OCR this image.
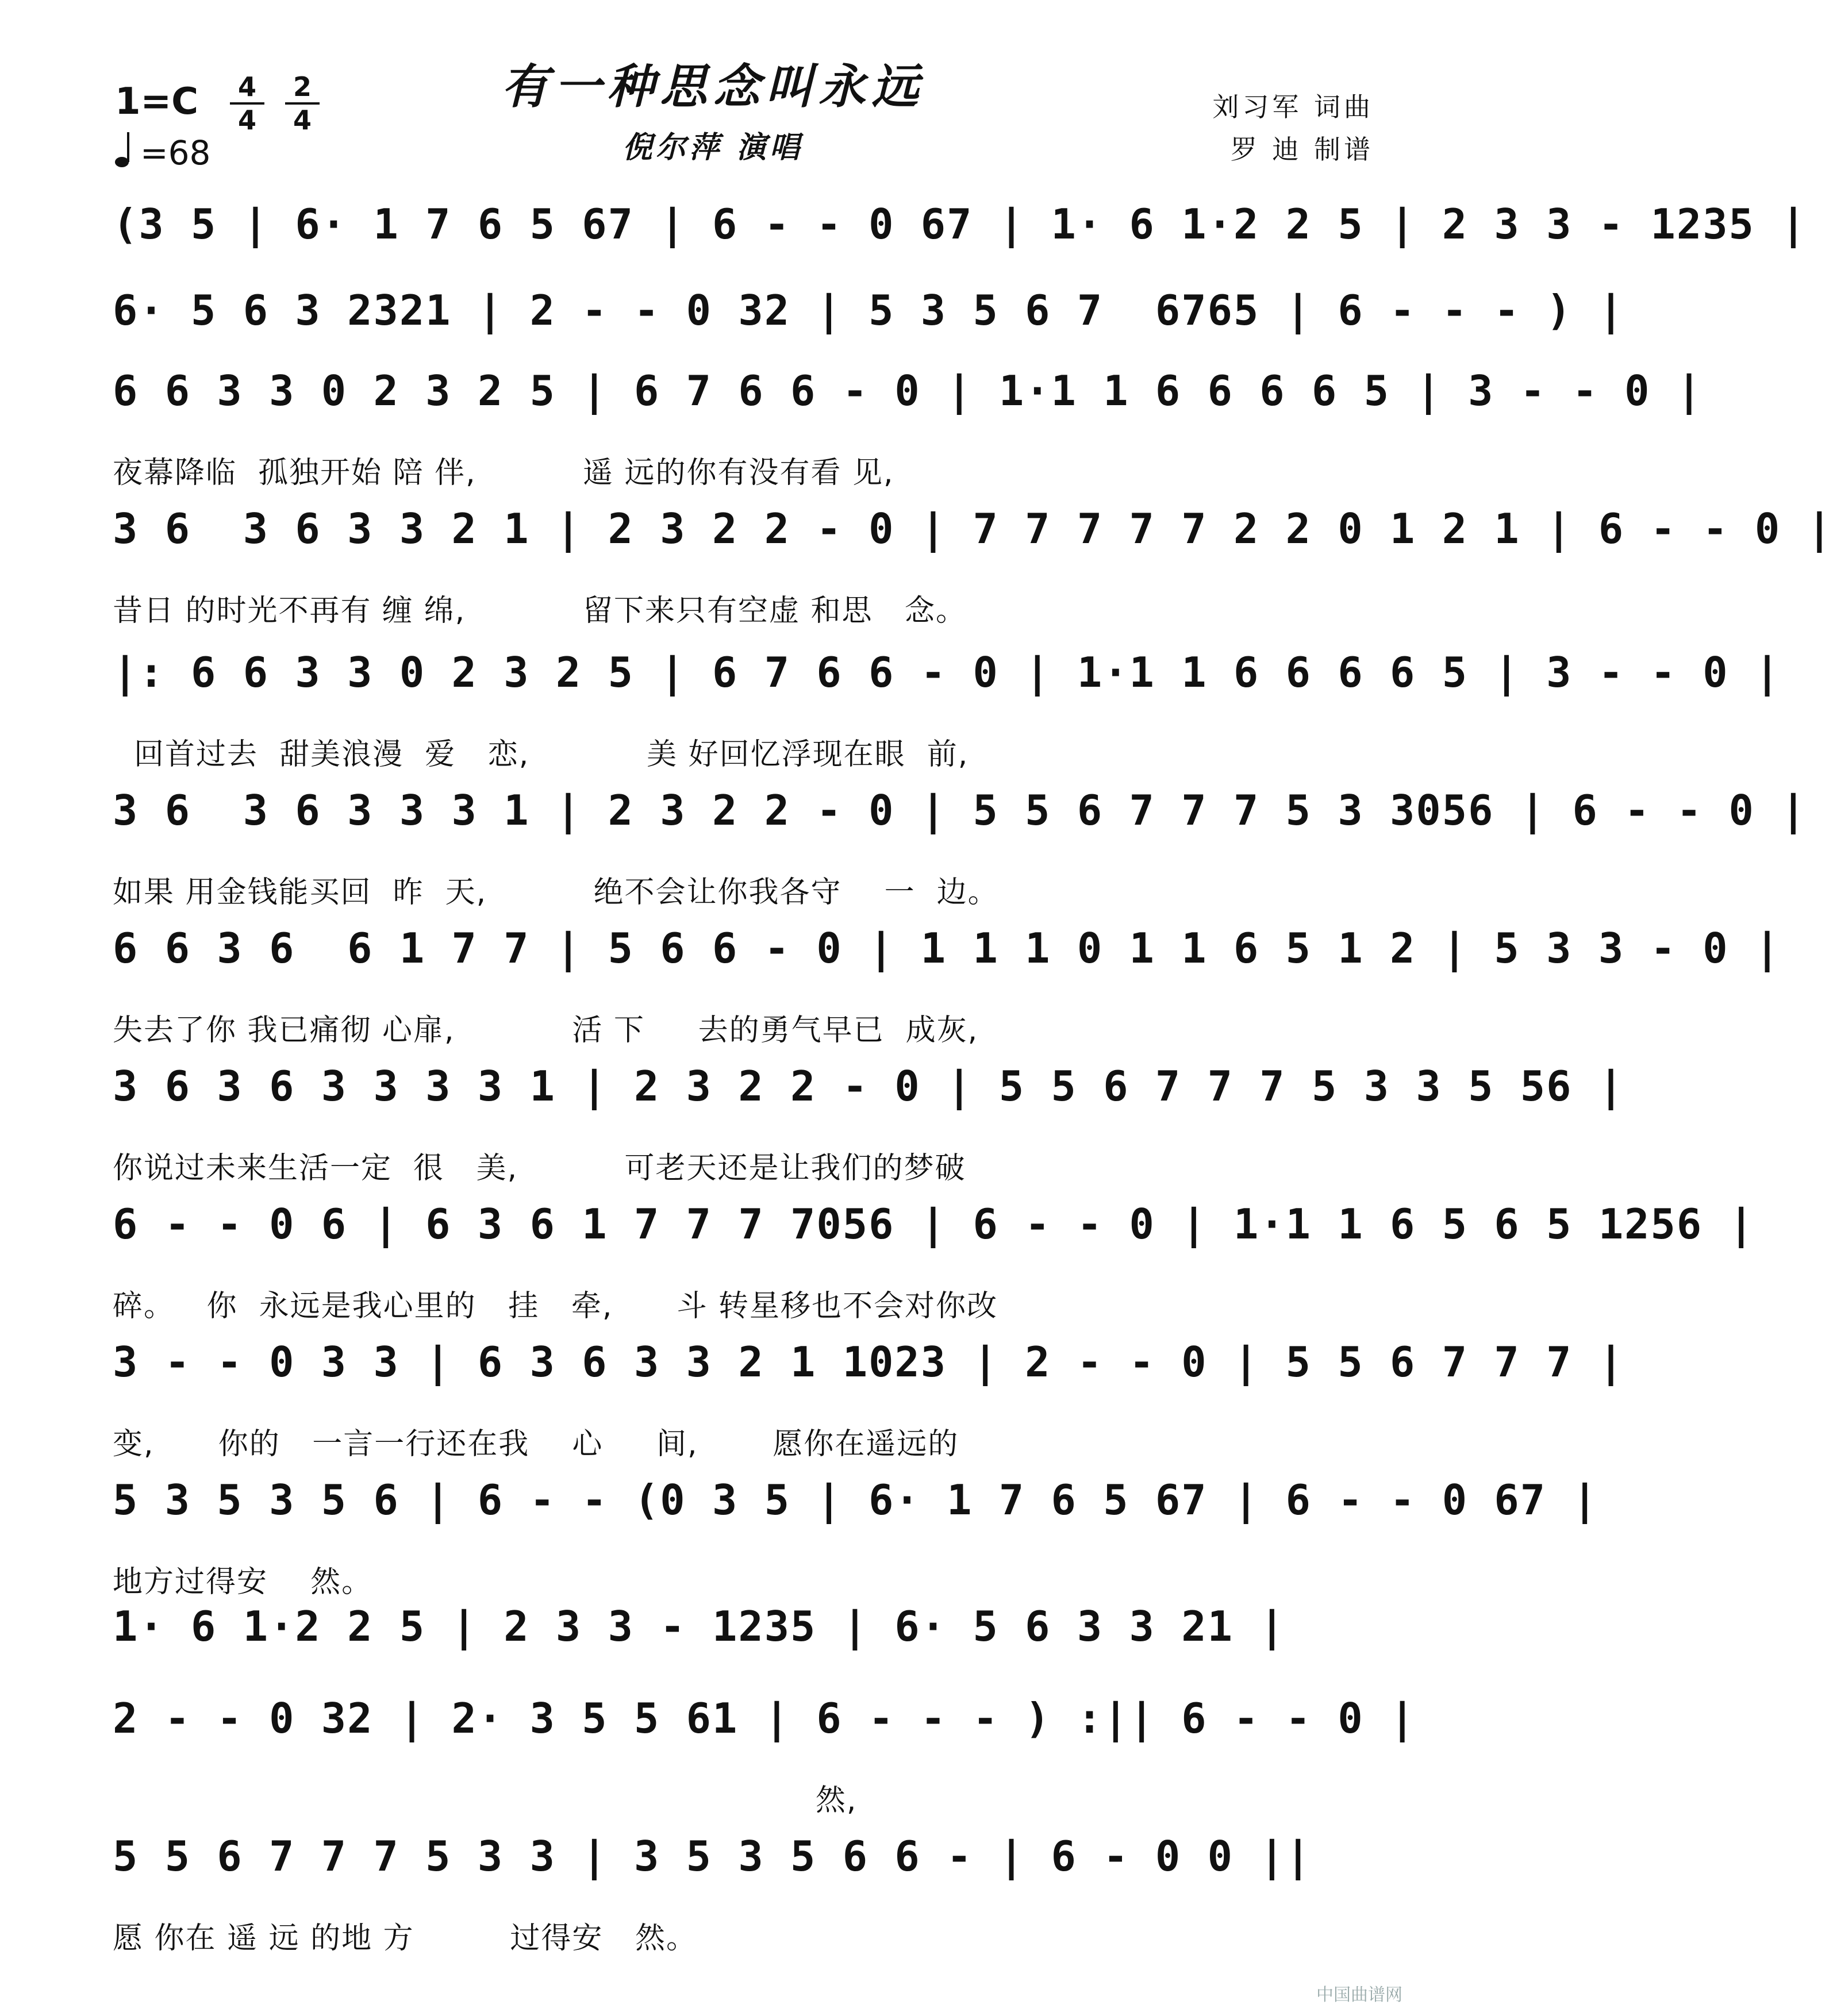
有一种思念叫永远
倪尔萍 演唱
1=C	4
4
2
4
=68
刘习军 词曲
罗 迪 制谱
(3 5 | 6· 1 7 6 5 67 | 6 - - 0 67 | 1· 6 1·2 2 5 | 2 3 3 - 1235 |
6· 5 6 3 2321 | 2 - - 0 32 | 5 3 5 6 7  6765 | 6 - - - ) |
6 6 3 3 0 2 3 2 5 | 6 7 6 6 - 0 | 1·1 1 6 6 6 6 5 | 3 - - 0 |
夜幕降临  孤独开始 陪 伴,          遥 远的你有没有看 见,
3 6  3 6 3 3 2 1 | 2 3 2 2 - 0 | 7 7 7 7 7 2 2 0 1 2 1 | 6 - - 0 |
昔日 的时光不再有 缠 绵,           留下来只有空虚 和思   念。
|: 6 6 3 3 0 2 3 2 5 | 6 7 6 6 - 0 | 1·1 1 6 6 6 6 5 | 3 - - 0 |
回首过去  甜美浪漫  爱   恋,           美 好回忆浮现在眼  前,
3 6  3 6 3 3 3 1 | 2 3 2 2 - 0 | 5 5 6 7 7 7 5 3 3056 | 6 - - 0 |
如果 用金钱能买回  昨  天,          绝不会让你我各守    一  边。
6 6 3 6  6 1 7 7 | 5 6 6 - 0 | 1 1 1 0 1 1 6 5 1 2 | 5 3 3 - 0 |
失去了你 我已痛彻 心扉,           活 下     去的勇气早已  成灰,
3 6 3 6 3 3 3 3 1 | 2 3 2 2 - 0 | 5 5 6 7 7 7 5 3 3 5 56 |
你说过未来生活一定  很   美,          可老天还是让我们的梦破
6 - - 0 6 | 6 3 6 1 7 7 7 7056 | 6 - - 0 | 1·1 1 6 5 6 5 1256 |
碎。   你  永远是我心里的   挂   牵,      斗 转星移也不会对你改
3 - - 0 3 3 | 6 3 6 3 3 2 1 1023 | 2 - - 0 | 5 5 6 7 7 7 |
变,      你的   一言一行还在我    心     间,       愿你在遥远的
5 3 5 3 5 6 | 6 - - (0 3 5 | 6· 1 7 6 5 67 | 6 - - 0 67 |
地方过得安    然。
1· 6 1·2 2 5 | 2 3 3 - 1235 | 6· 5 6 3 3 21 |
2 - - 0 32 | 2· 3 5 5 61 | 6 - - - ) :|| 6 - - 0 |
然,
5 5 6 7 7 7 5 3 3 | 3 5 3 5 6 6 - | 6 - 0 0 ||
愿 你在 遥 远 的地 方         过得安   然。
中国曲谱网
